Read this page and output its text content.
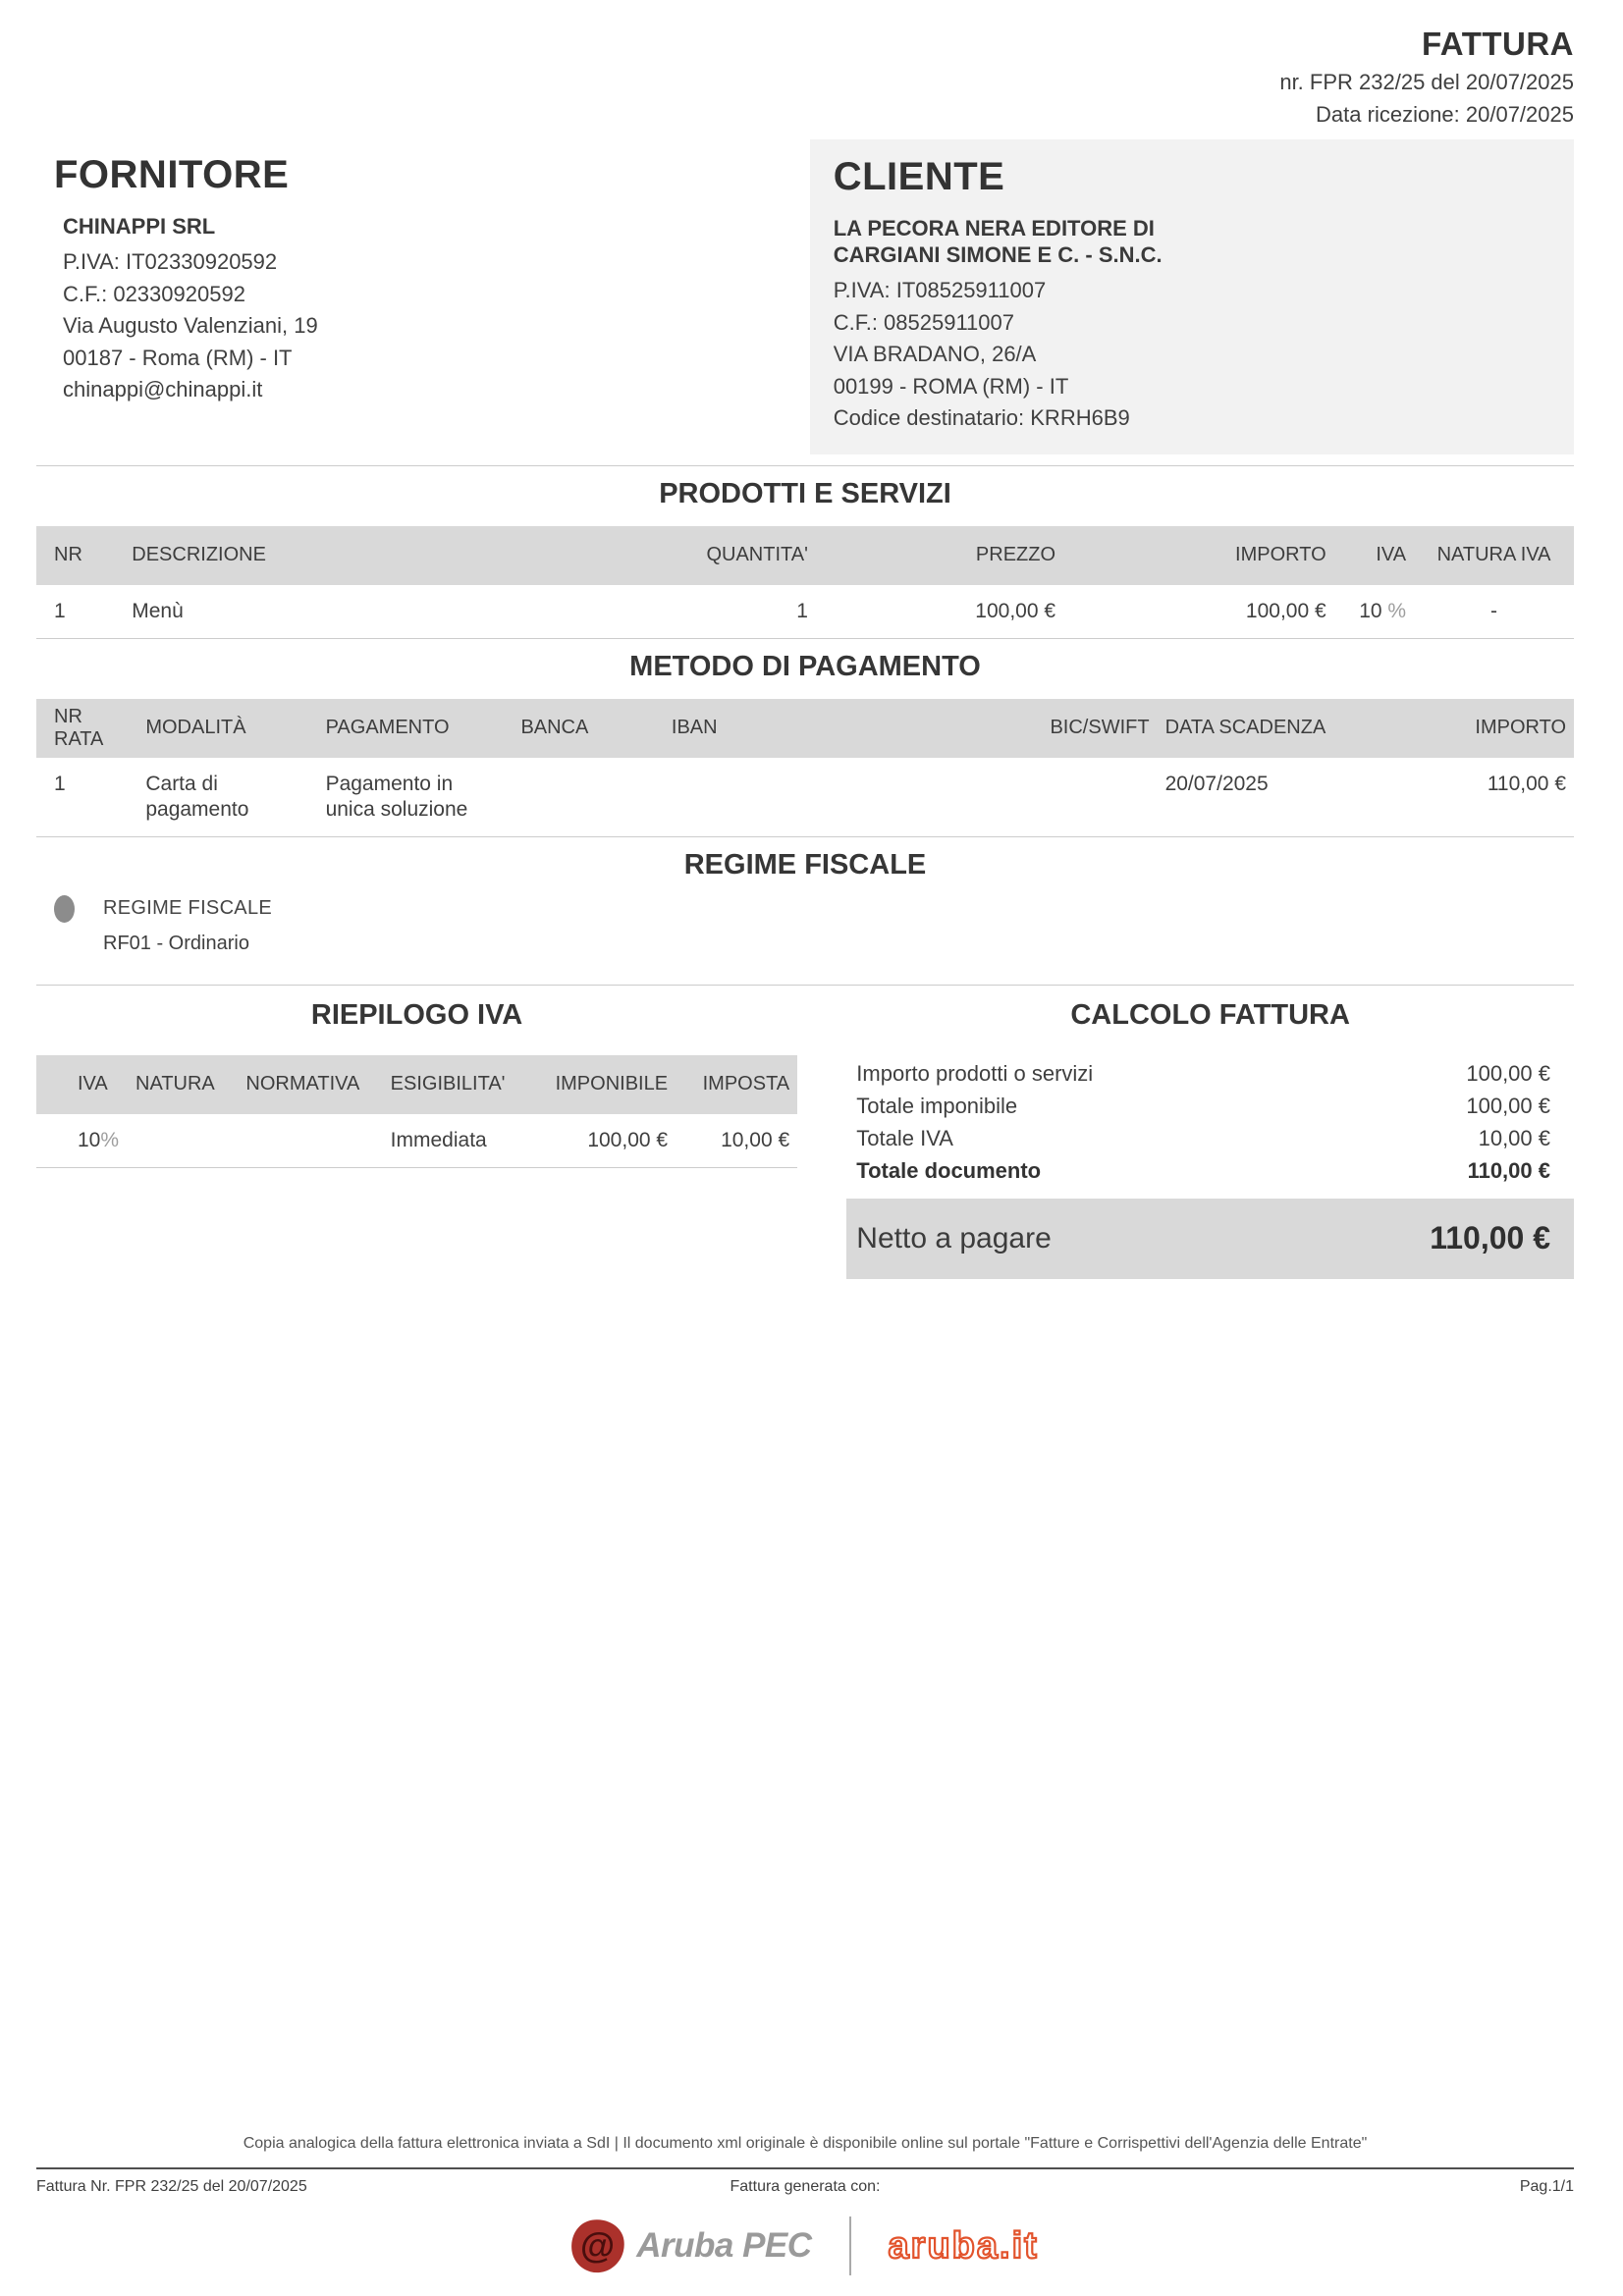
FATTURA
nr. FPR 232/25 del 20/07/2025
Data ricezione: 20/07/2025
FORNITORE
CHINAPPI SRL
P.IVA: IT02330920592
C.F.: 02330920592
Via Augusto Valenziani, 19
00187 - Roma (RM) - IT
chinappi@chinappi.it
CLIENTE
LA PECORA NERA EDITORE DI CARGIANI SIMONE E C. - S.N.C.
P.IVA: IT08525911007
C.F.: 08525911007
VIA BRADANO, 26/A
00199 - ROMA (RM) - IT
Codice destinatario: KRRH6B9
PRODOTTI E SERVIZI
NR	DESCRIZIONE	QUANTITA'	PREZZO	IMPORTO	IVA	NATURA IVA
1	Menù	1	100,00 €	100,00 €	10 %	-
METODO DI PAGAMENTO
NR RATA	MODALITÀ	PAGAMENTO	BANCA	IBAN	BIC/SWIFT	DATA SCADENZA	IMPORTO
1	Carta di pagamento	Pagamento in unica soluzione				20/07/2025	110,00 €
REGIME FISCALE
REGIME FISCALE
RF01 - Ordinario
RIEPILOGO IVA
IVA	NATURA	NORMATIVA	ESIGIBILITA'	IMPONIBILE	IMPOSTA
10%			Immediata	100,00 €	10,00 €
CALCOLO FATTURA
Importo prodotti o servizi	100,00 €
Totale imponibile	100,00 €
Totale IVA	10,00 €
Totale documento	110,00 €
Netto a pagare	110,00 €
Copia analogica della fattura elettronica inviata a SdI | Il documento xml originale è disponibile online sul portale "Fatture e Corrispettivi dell'Agenzia delle Entrate"
Fattura Nr. FPR 232/25 del 20/07/2025	Fattura generata con:	Pag.1/1
@ Aruba PEC aruba.it
